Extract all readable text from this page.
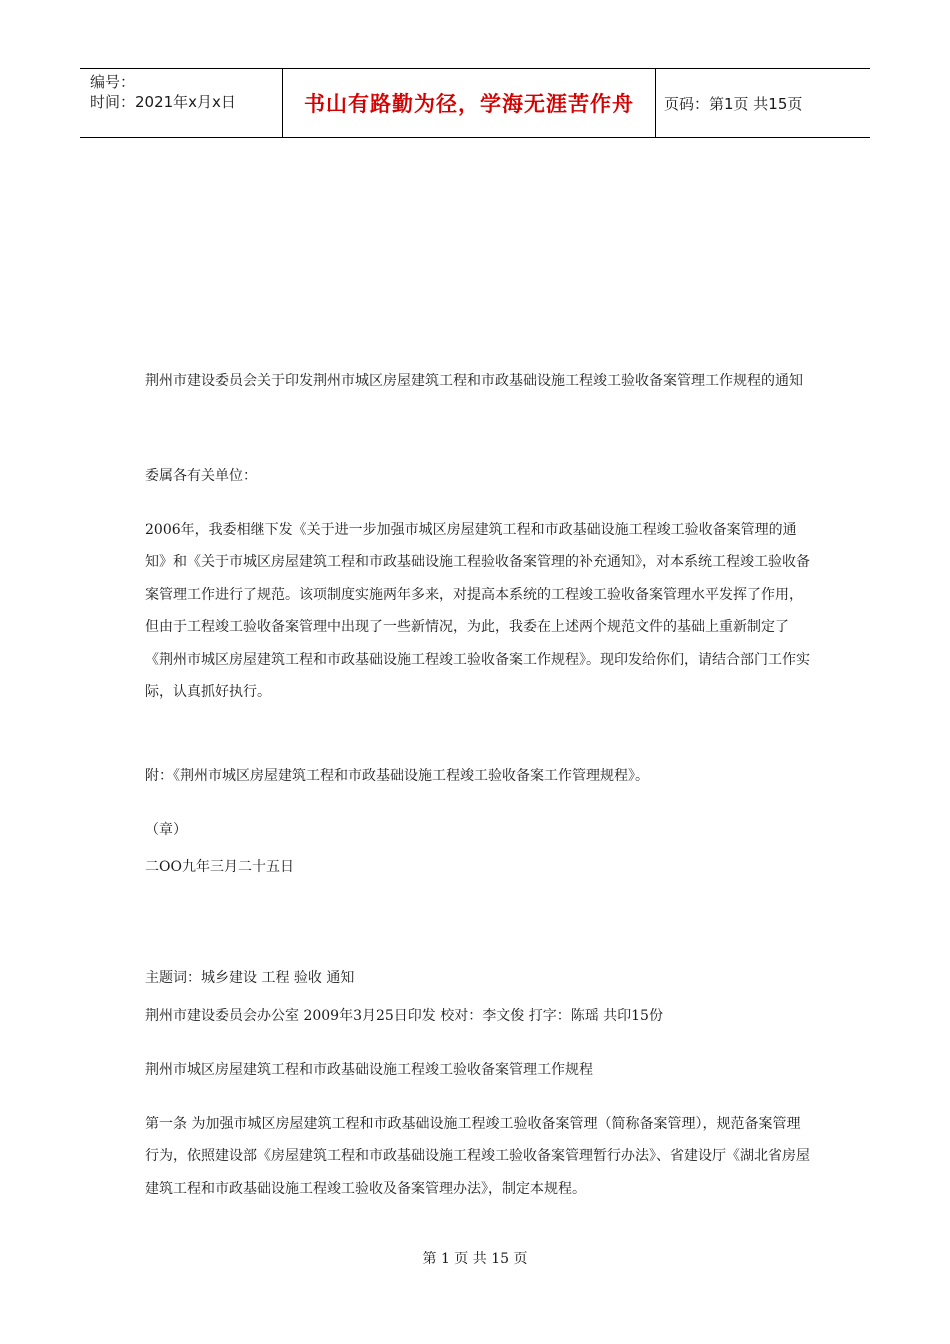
编号：
时间：2021年x月x日	书山有路勤为径，学海无涯苦作舟 页码：第1页 共15页

荆州市建设委员会关于印发荆州市城区房屋建筑工程和市政基础设施工程竣工验收备案管理工作规程的通知

委属各有关单位：

2006年，我委相继下发《关于进一步加强市城区房屋建筑工程和市政基础设施工程竣工验收备案管理的通知》和《关于市城区房屋建筑工程和市政基础设施工程验收备案管理的补充通知》，对本系统工程竣工验收备案管理工作进行了规范。该项制度实施两年多来，对提高本系统的工程竣工验收备案管理水平发挥了作用，但由于工程竣工验收备案管理中出现了一些新情况，为此，我委在上述两个规范文件的基础上重新制定了《荆州市城区房屋建筑工程和市政基础设施工程竣工验收备案工作规程》。现印发给你们，请结合部门工作实际，认真抓好执行。

附：《荆州市城区房屋建筑工程和市政基础设施工程竣工验收备案工作管理规程》。

（章）

二OO九年三月二十五日

主题词：城乡建设 工程 验收 通知

荆州市建设委员会办公室 2009年3月25日印发 校对：李文俊 打字：陈瑶 共印15份

荆州市城区房屋建筑工程和市政基础设施工程竣工验收备案管理工作规程

第一条 为加强市城区房屋建筑工程和市政基础设施工程竣工验收备案管理（简称备案管理），规范备案管理行为，依照建设部《房屋建筑工程和市政基础设施工程竣工验收备案管理暂行办法》、省建设厅《湖北省房屋建筑工程和市政基础设施工程竣工验收及备案管理办法》，制定本规程。

第 1 页 共 15 页
